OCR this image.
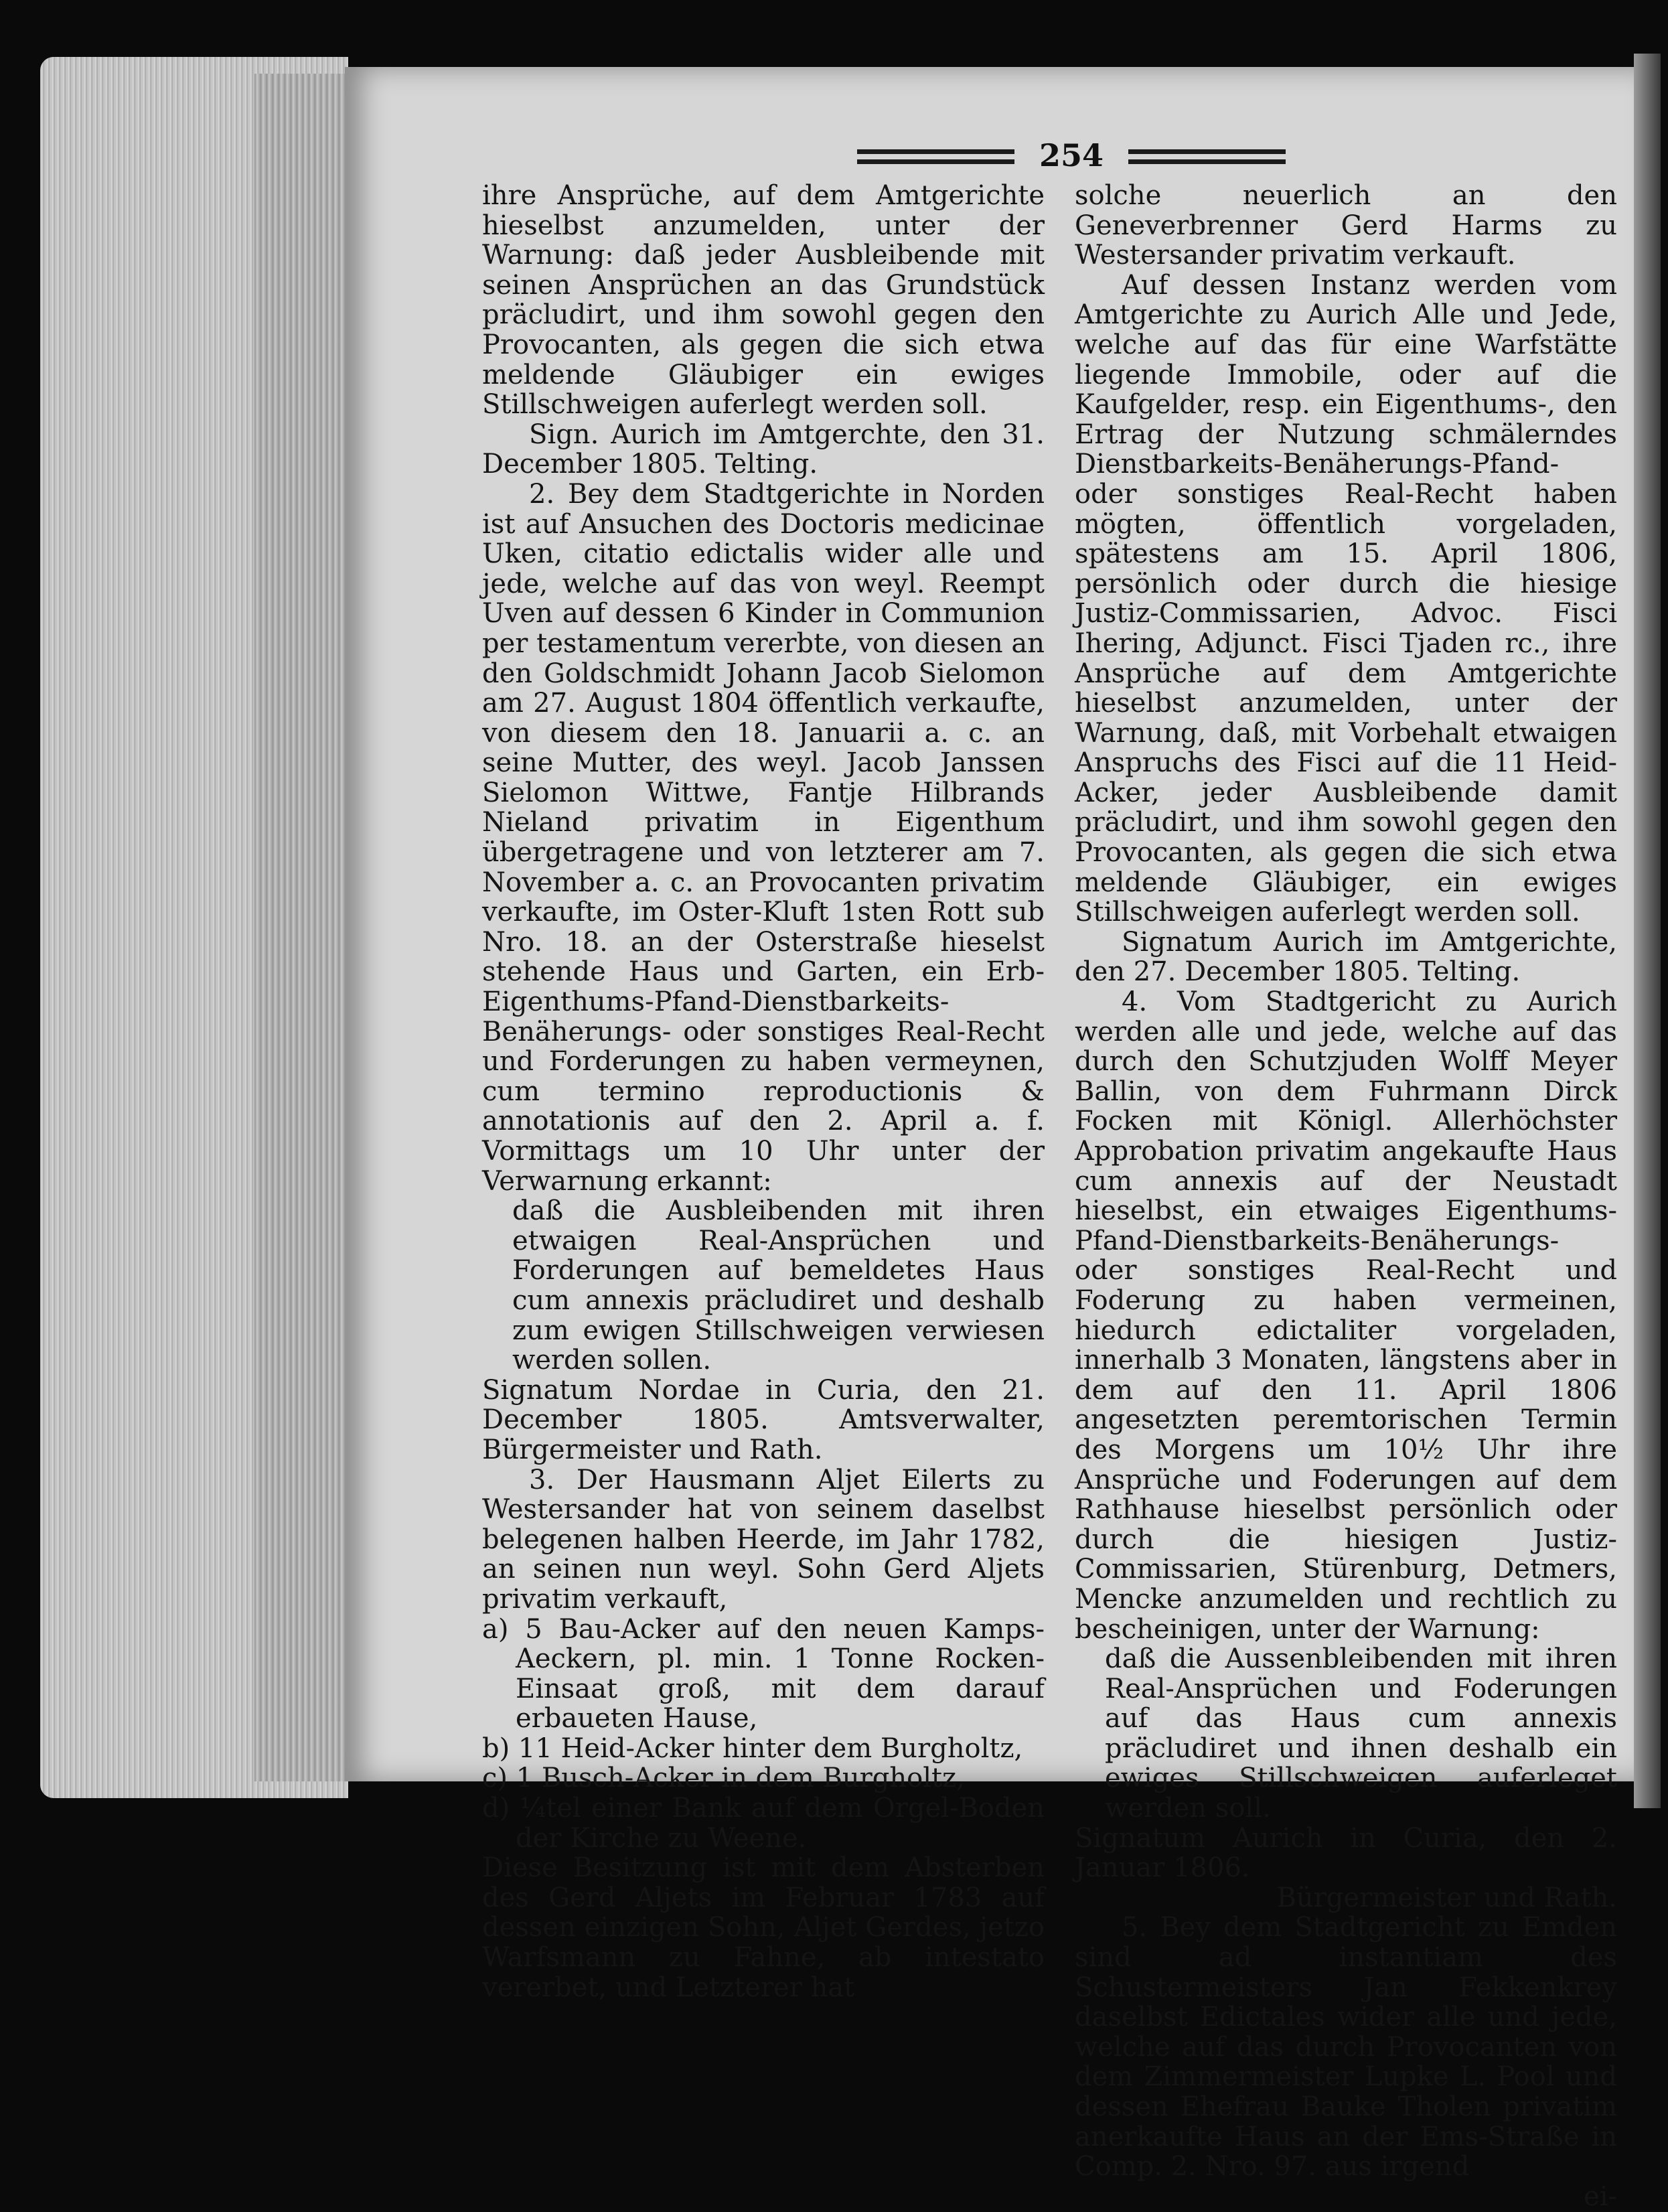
254

ihre Ansprüche, auf dem Amtgerichte hieselbst anzumelden, unter der Warnung: daß jeder Ausbleibende mit seinen Ansprüchen an das Grundstück präcludirt, und ihm sowohl gegen den Provocanten, als gegen die sich etwa meldende Gläubiger ein ewiges Stillschweigen auferlegt werden soll.

Sign. Aurich im Amtgerchte, den 31. December 1805. Telting.

2. Bey dem Stadtgerichte in Norden ist auf Ansuchen des Doctoris medicinae Uken, citatio edictalis wider alle und jede, welche auf das von weyl. Reempt Uven auf dessen 6 Kinder in Communion per testamentum vererbte, von diesen an den Goldschmidt Johann Jacob Sielomon am 27. August 1804 öffentlich verkaufte, von diesem den 18. Januarii a. c. an seine Mutter, des weyl. Jacob Janssen Sielomon Wittwe, Fantje Hilbrands Nieland privatim in Eigenthum übergetragene und von letzterer am 7. November a. c. an Provocanten privatim verkaufte, im Oster-Kluft 1sten Rott sub Nro. 18. an der Osterstraße hieselst stehende Haus und Garten, ein Erb-Eigenthums-Pfand-Dienstbarkeits-Benäherungs- oder sonstiges Real-Recht und Forderungen zu haben vermeynen, cum termino reproductionis & annotationis auf den 2. April a. f. Vormittags um 10 Uhr unter der Verwarnung erkannt:

daß die Ausbleibenden mit ihren etwaigen Real-Ansprüchen und Forderungen auf bemeldetes Haus cum annexis präcludiret und deshalb zum ewigen Stillschweigen verwiesen werden sollen.

Signatum Nordae in Curia, den 21. December 1805. Amtsverwalter, Bürgermeister und Rath.

3. Der Hausmann Aljet Eilerts zu Westersander hat von seinem daselbst belegenen halben Heerde, im Jahr 1782, an seinen nun weyl. Sohn Gerd Aljets privatim verkauft,

a) 5 Bau-Acker auf den neuen Kamps-Aeckern, pl. min. 1 Tonne Rocken-Einsaat groß, mit dem darauf erbaueten Hause,

b) 11 Heid-Acker hinter dem Burgholtz,

c) 1 Busch-Acker in dem Burgholtz,

d) ¼tel einer Bank auf dem Orgel-Boden der Kirche zu Weene.

Diese Besitzung ist mit dem Absterben des Gerd Aljets im Februar 1783 auf dessen einzigen Sohn, Aljet Gerdes, jetzo Warfsmann zu Fahne, ab intestato vererbet, und Letzterer hat

solche neuerlich an den Geneverbrenner Gerd Harms zu Westersander privatim verkauft.

Auf dessen Instanz werden vom Amtgerichte zu Aurich Alle und Jede, welche auf das für eine Warfstätte liegende Immobile, oder auf die Kaufgelder, resp. ein Eigenthums-, den Ertrag der Nutzung schmälerndes Dienstbarkeits-Benäherungs-Pfand- oder sonstiges Real-Recht haben mögten, öffentlich vorgeladen, spätestens am 15. April 1806, persönlich oder durch die hiesige Justiz-Commissarien, Advoc. Fisci Ihering, Adjunct. Fisci Tjaden rc., ihre Ansprüche auf dem Amtgerichte hieselbst anzumelden, unter der Warnung, daß, mit Vorbehalt etwaigen Anspruchs des Fisci auf die 11 Heid-Acker, jeder Ausbleibende damit präcludirt, und ihm sowohl gegen den Provocanten, als gegen die sich etwa meldende Gläubiger, ein ewiges Stillschweigen auferlegt werden soll.

Signatum Aurich im Amtgerichte, den 27. December 1805. Telting.

4. Vom Stadtgericht zu Aurich werden alle und jede, welche auf das durch den Schutzjuden Wolff Meyer Ballin, von dem Fuhrmann Dirck Focken mit Königl. Allerhöchster Approbation privatim angekaufte Haus cum annexis auf der Neustadt hieselbst, ein etwaiges Eigenthums-Pfand-Dienstbarkeits-Benäherungs- oder sonstiges Real-Recht und Foderung zu haben vermeinen, hiedurch edictaliter vorgeladen, innerhalb 3 Monaten, längstens aber in dem auf den 11. April 1806 angesetzten peremtorischen Termin des Morgens um 10½ Uhr ihre Ansprüche und Foderungen auf dem Rathhause hieselbst persönlich oder durch die hiesigen Justiz-Commissarien, Stürenburg, Detmers, Mencke anzumelden und rechtlich zu bescheinigen, unter der Warnung:

daß die Aussenbleibenden mit ihren Real-Ansprüchen und Foderungen auf das Haus cum annexis präcludiret und ihnen deshalb ein ewiges Stillschweigen auferleget werden soll.

Signatum Aurich in Curia, den 2. Januar 1806.

Bürgermeister und Rath.

5. Bey dem Stadtgericht zu Emden sind ad instantiam des Schustermeisters Jan Fekkenkrey daselbst Edictales wider alle und jede, welche auf das durch Provocanten von dem Zimmermeister Lupke L. Pool und dessen Ehefrau Bauke Tholen privatim anerkaufte Haus an der Ems-Straße in Comp. 2. Nro. 97. aus irgend

ei-
